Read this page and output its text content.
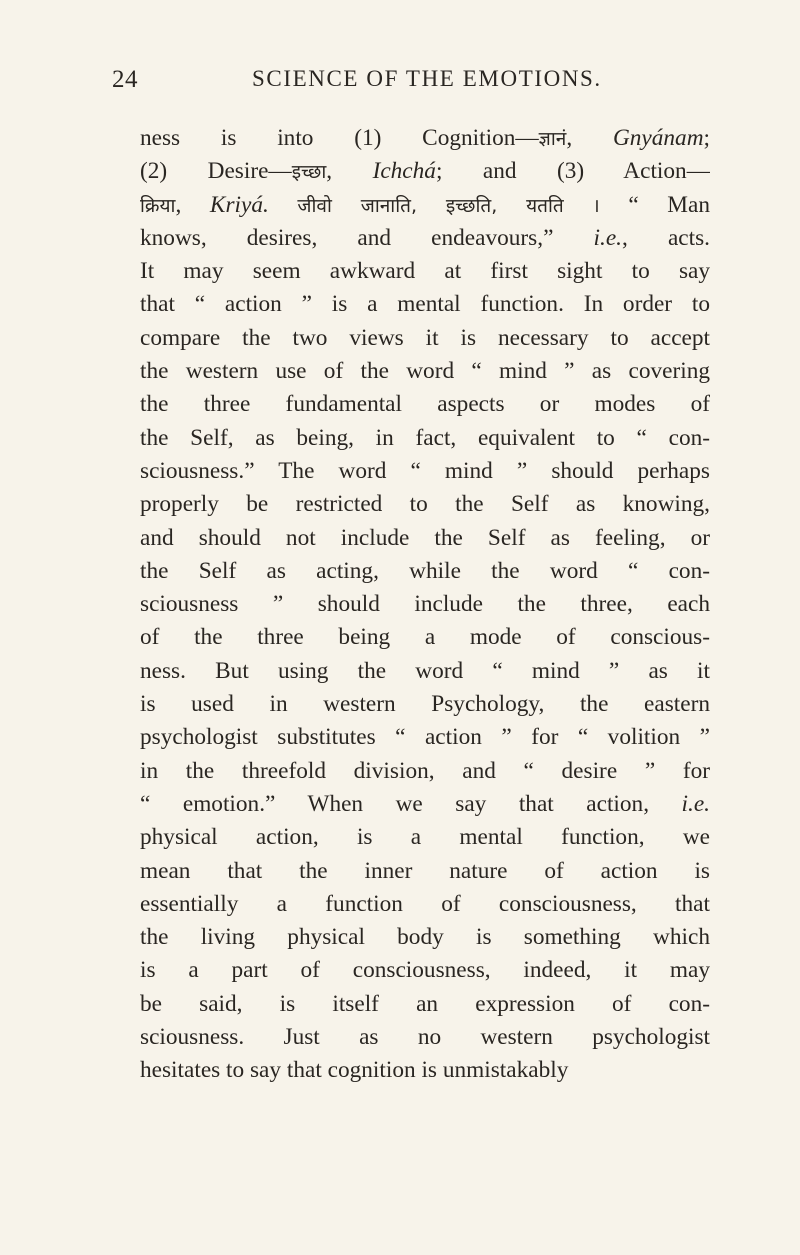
24	SCIENCE OF THE EMOTIONS.
ness is into (1) Cognition—ज्ञानं, Gnyánam;
(2) Desire—इच्छा, Ichchá; and (3) Action—
क्रिया, Kriyá. जीवो जानाति, इच्छति, यतति । “ Man
knows, desires, and endeavours,” i.e., acts.
It may seem awkward at first sight to say
that “ action ” is a mental function. In order to
compare the two views it is necessary to accept
the western use of the word “ mind ” as covering
the three fundamental aspects or modes of
the Self, as being, in fact, equivalent to “ con-
sciousness.” The word “ mind ” should perhaps
properly be restricted to the Self as knowing,
and should not include the Self as feeling, or
the Self as acting, while the word “ con-
sciousness ” should include the three, each
of the three being a mode of conscious-
ness. But using the word “ mind ” as it
is used in western Psychology, the eastern
psychologist substitutes “ action ” for “ volition ”
in the threefold division, and “ desire ” for
“ emotion.” When we say that action, i.e.
physical action, is a mental function, we
mean that the inner nature of action is
essentially a function of consciousness, that
the living physical body is something which
is a part of consciousness, indeed, it may
be said, is itself an expression of con-
sciousness. Just as no western psychologist
hesitates to say that cognition is unmistakably
